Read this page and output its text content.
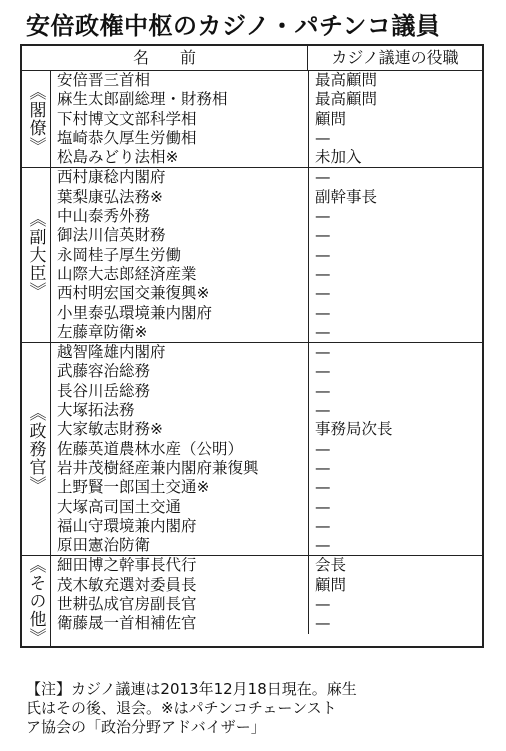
安倍政権中枢のカジノ・パチンコ議員
名 前	カジノ議連の役職
《閣僚》
安倍晋三首相	最高顧問
麻生太郎副総理・財務相	最高顧問
下村博文文部科学相	顧問
塩崎恭久厚生労働相	—
松島みどり法相※	未加入
《副大臣》
西村康稔内閣府	—
葉梨康弘法務※	副幹事長
中山泰秀外務	—
御法川信英財務	—
永岡桂子厚生労働	—
山際大志郎経済産業	—
西村明宏国交兼復興※	—
小里泰弘環境兼内閣府	—
左藤章防衛※	—
《政務官》
越智隆雄内閣府	—
武藤容治総務	—
長谷川岳総務	—
大塚拓法務	—
大家敏志財務※	事務局次長
佐藤英道農林水産（公明）	—
岩井茂樹経産兼内閣府兼復興	—
上野賢一郎国土交通※	—
大塚高司国土交通	—
福山守環境兼内閣府	—
原田憲治防衛	—
《その他》 細田博之幹事長代行	会長
茂木敏充選対委員長	顧問
世耕弘成官房副長官	—
衛藤晟一首相補佐官	—

【注】カジノ議連は2013年12月18日現在。麻生

氏はその後、退会。※はパチンコチェーンスト

ア協会の「政治分野アドバイザー」
